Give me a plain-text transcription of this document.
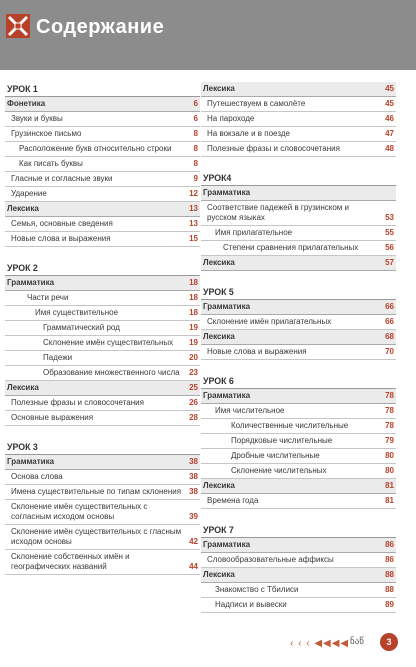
Содержание
УРОК 1
Фонетика	6
Звуки и буквы	6
Грузинское письмо	8
Расположение букв относительно строки	8
Как писать буквы	8
Гласные и согласные звуки	9
Ударение	12
Лексика	13
Семья, основные сведения	13
Новые слова и выражения	15
УРОК 2
Грамматика	18
Части речи	18
Имя существительное	18
Грамматический род	19
Склонение имён существительных	19
Падежи	20
Образование множественного числа	23
Лексика	25
Полезные фразы и словосочетания	26
Основные выражения	28
УРОК 3
Грамматика	38
Основа слова	38
Имена существительные по типам склонения	38
Склонение имён существительных с согласным исходом основы	39
Склонение имён существительных с гласным исходом основы	42
Склонение собственных имён и географических названий	44
Лексика	45
Путешествуем в самолёте	45
На пароходе	46
На вокзале и в поезде	47
Полезные фразы и словосочетания	48
УРОК4
Грамматика
Соответствие падежей в грузинском и русском языках	53
Имя прилагательное	55
Степени сравнения прилагательных	56
Лексика	57
УРОК 5
Грамматика	66
Склонение имён прилагательных	66
Лексика	68
Новые слова и выражения	70
УРОК 6
Грамматика	78
Имя числительное	78
Количественные числительные	78
Порядковые числительные	79
Дробные числительные	80
Склонение числительных	80
Лексика	81
Времена года	81
УРОК 7
Грамматика	86
Словообразовательные аффиксы	86
Лексика	88
Знакомство с Тбилиси	88
Надписи и вывески	89
‹ ‹ ‹ ◀◀◀◀ ნაწ	3
